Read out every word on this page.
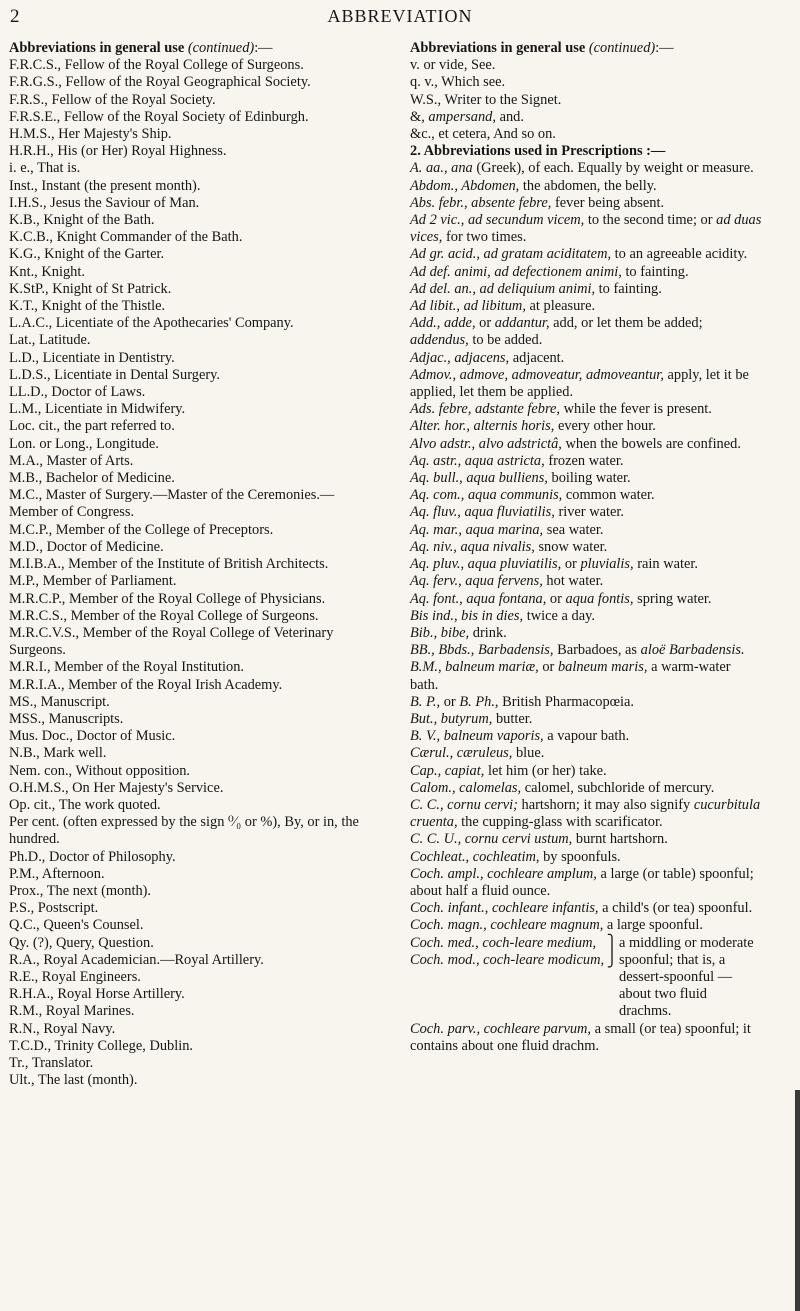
2	ABBREVIATION

Abbreviations in general use (continued):—

F.R.C.S., Fellow of the Royal College of Surgeons.

F.R.G.S., Fellow of the Royal Geographical Society.

F.R.S., Fellow of the Royal Society.

F.R.S.E., Fellow of the Royal Society of Edinburgh.

H.M.S., Her Majesty's Ship.

H.R.H., His (or Her) Royal Highness.

i. e., That is.

Inst., Instant (the present month).

I.H.S., Jesus the Saviour of Man.

K.B., Knight of the Bath.

K.C.B., Knight Commander of the Bath.

K.G., Knight of the Garter.

Knt., Knight.

K.StP., Knight of St Patrick.

K.T., Knight of the Thistle.

L.A.C., Licentiate of the Apothecaries' Company.

Lat., Latitude.

L.D., Licentiate in Dentistry.

L.D.S., Licentiate in Dental Surgery.

LL.D., Doctor of Laws.

L.M., Licentiate in Midwifery.

Loc. cit., the part referred to.

Lon. or Long., Longitude.

M.A., Master of Arts.

M.B., Bachelor of Medicine.

M.C., Master of Surgery.—Master of the Ceremonies.—Member of Congress.

M.C.P., Member of the College of Preceptors.

M.D., Doctor of Medicine.

M.I.B.A., Member of the Institute of British Architects.

M.P., Member of Parliament.

M.R.C.P., Member of the Royal College of Physicians.

M.R.C.S., Member of the Royal College of Surgeons.

M.R.C.V.S., Member of the Royal College of Veterinary Surgeons.

M.R.I., Member of the Royal Institution.

M.R.I.A., Member of the Royal Irish Academy.

MS., Manuscript.

MSS., Manuscripts.

Mus. Doc., Doctor of Music.

N.B., Mark well.

Nem. con., Without opposition.

O.H.M.S., On Her Majesty's Service.

Op. cit., The work quoted.

Per cent. (often expressed by the sign ⁰⁄₀ or %), By, or in, the hundred.

Ph.D., Doctor of Philosophy.

P.M., Afternoon.

Prox., The next (month).

P.S., Postscript.

Q.C., Queen's Counsel.

Qy. (?), Query, Question.

R.A., Royal Academician.—Royal Artillery.

R.E., Royal Engineers.

R.H.A., Royal Horse Artillery.

R.M., Royal Marines.

R.N., Royal Navy.

T.C.D., Trinity College, Dublin.

Tr., Translator.

Ult., The last (month).

Abbreviations in general use (continued):—

v. or vide, See.

q. v., Which see.

W.S., Writer to the Signet.

&, ampersand, and.

&c., et cetera, And so on.

2. Abbreviations used in Prescriptions :—

A. aa., ana (Greek), of each. Equally by weight or measure.

Abdom., Abdomen, the abdomen, the belly.

Abs. febr., absente febre, fever being absent.

Ad 2 vic., ad secundum vicem, to the second time; or ad duas vices, for two times.

Ad gr. acid., ad gratam aciditatem, to an agreeable acidity.

Ad def. animi, ad defectionem animi, to fainting.

Ad del. an., ad deliquium animi, to fainting.

Ad libit., ad libitum, at pleasure.

Add., adde, or addantur, add, or let them be added; addendus, to be added.

Adjac., adjacens, adjacent.

Admov., admove, admoveatur, admoveantur, apply, let it be applied, let them be applied.

Ads. febre, adstante febre, while the fever is present.

Alter. hor., alternis horis, every other hour.

Alvo adstr., alvo adstrictâ, when the bowels are confined.

Aq. astr., aqua astricta, frozen water.

Aq. bull., aqua bulliens, boiling water.

Aq. com., aqua communis, common water.

Aq. fluv., aqua fluviatilis, river water.

Aq. mar., aqua marina, sea water.

Aq. niv., aqua nivalis, snow water.

Aq. pluv., aqua pluviatilis, or pluvialis, rain water.

Aq. ferv., aqua fervens, hot water.

Aq. font., aqua fontana, or aqua fontis, spring water.

Bis ind., bis in dies, twice a day.

Bib., bibe, drink.

BB., Bbds., Barbadensis, Barbadoes, as aloë Barbadensis.

B.M., balneum mariæ, or balneum maris, a warm-water bath.

B. P., or B. Ph., British Pharmacopœia.

But., butyrum, butter.

B. V., balneum vaporis, a vapour bath.

Cærul., cæruleus, blue.

Cap., capiat, let him (or her) take.

Calom., calomelas, calomel, subchloride of mercury.

C. C., cornu cervi; hartshorn; it may also signify cucurbitula cruenta, the cupping-glass with scarificator.

C. C. U., cornu cervi ustum, burnt hartshorn.

Cochleat., cochleatim, by spoonfuls.

Coch. ampl., cochleare amplum, a large (or table) spoonful; about half a fluid ounce.

Coch. infant., cochleare infantis, a child's (or tea) spoonful.

Coch. magn., cochleare magnum, a large spoonful.

Coch. med., coch-leare medium,
Coch. mod., coch-leare modicum,
⎫
⎭
a middling or moderate spoonful; that is, a dessert-spoonful — about two fluid drachms.

Coch. parv., cochleare parvum, a small (or tea) spoonful; it contains about one fluid drachm.
